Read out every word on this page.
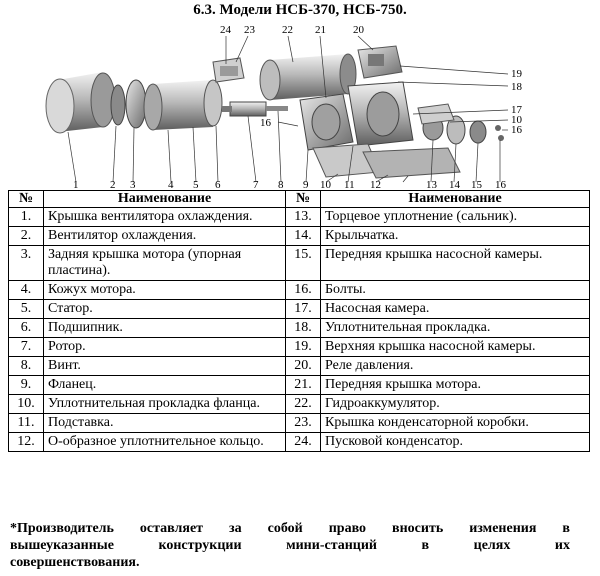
6.3. Модели НСБ-370, НСБ-750.
24 23 22 21 20
19
18
17
10
16
16
1	2 3	4 5 6	7 8 9 10 11 12	13 14 15 16
№	Наименование	№	Наименование
1.	Крышка вентилятора охлаждения.	13.	Торцевое уплотнение (сальник).
2.	Вентилятор охлаждения.	14.	Крыльчатка.
3.	Задняя крышка мотора (упорная пластина).	15.	Передняя крышка насосной камеры.
4.	Кожух мотора.	16.	Болты.
5.	Статор.	17.	Насосная камера.
6.	Подшипник.	18.	Уплотнительная прокладка.
7.	Ротор.	19.	Верхняя крышка насосной камеры.
8.	Винт.	20.	Реле давления.
9.	Фланец.	21.	Передняя крышка мотора.
10.	Уплотнительная прокладка фланца.	22.	Гидроаккумулятор.
11.	Подставка.	23.	Крышка конденсаторной коробки.
12.	О-образное уплотнительное кольцо.	24.	Пусковой конденсатор.
*Производитель оставляет за собой право вносить изменения в
вышеуказанные	конструкции	мини-станций	в	целях	их
совершенствования.
